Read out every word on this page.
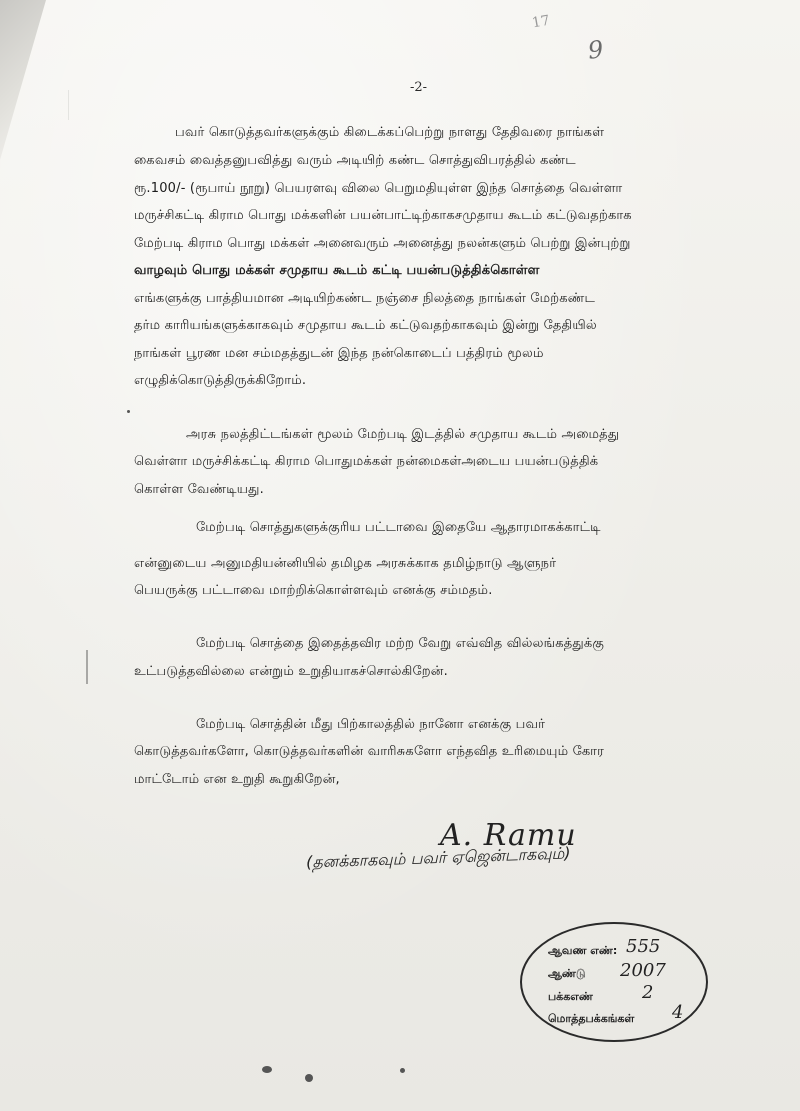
17
9
-2-
பவர் கொடுத்தவர்களுக்கும் கிடைக்கப்பெற்று நாளது தேதிவரை நாங்கள்
கைவசம் வைத்தனுபவித்து வரும் அடியிற் கண்ட சொத்துவிபரத்தில் கண்ட
ரூ.100/- (ரூபாய் நூறு) பெயரளவு விலை பெறுமதியுள்ள இந்த சொத்தை வெள்ளா
மருச்சிகட்டி கிராம பொது மக்களின் பயன்பாட்டிற்காகசமுதாய கூடம் கட்டுவதற்காக
மேற்படி கிராம பொது மக்கள் அனைவரும் அனைத்து நலன்களும் பெற்று இன்புற்று
வாழவும் பொது மக்கள் சமுதாய கூடம் கட்டி பயன்படுத்திக்கொள்ள
எங்களுக்கு பாத்தியமான அடியிற்கண்ட நஞ்சை நிலத்தை நாங்கள் மேற்கண்ட
தர்ம காரியங்களுக்காகவும் சமுதாய கூடம் கட்டுவதற்காகவும் இன்று தேதியில்
நாங்கள் பூரண மன சம்மதத்துடன் இந்த நன்கொடைப் பத்திரம் மூலம்
எழுதிக்கொடுத்திருக்கிறோம்.
அரசு நலத்திட்டங்கள் மூலம் மேற்படி இடத்தில் சமுதாய கூடம் அமைத்து
வெள்ளா மருச்சிக்கட்டி கிராம பொதுமக்கள் நன்மைகள்அடைய பயன்படுத்திக்
கொள்ள வேண்டியது.
மேற்படி சொத்துகளுக்குரிய பட்டாவை இதையே ஆதாரமாகக்காட்டி
என்னுடைய அனுமதியன்னியில் தமிழக அரசுக்காக தமிழ்நாடு ஆளுநர்
பெயருக்கு பட்டாவை மாற்றிக்கொள்ளவும் எனக்கு சம்மதம்.
மேற்படி சொத்தை இதைத்தவிர மற்ற வேறு எவ்வித வில்லங்கத்துக்கு
உட்படுத்தவில்லை என்றும் உறுதியாகச்சொல்கிறேன்.
மேற்படி சொத்தின் மீது பிற்காலத்தில் நானோ எனக்கு பவர்
கொடுத்தவர்களோ, கொடுத்தவர்களின் வாரிசுகளோ எந்தவித உரிமையும் கோர
மாட்டோம் என உறுதி கூறுகிறேன்,
A. Ramu
(தனக்காகவும் பவர் ஏஜென்டாகவும்)
ஆவண எண்: 555
ஆண்டு 2007
பக்கஎண்	2
மொத்தபக்கங்கள் 4
